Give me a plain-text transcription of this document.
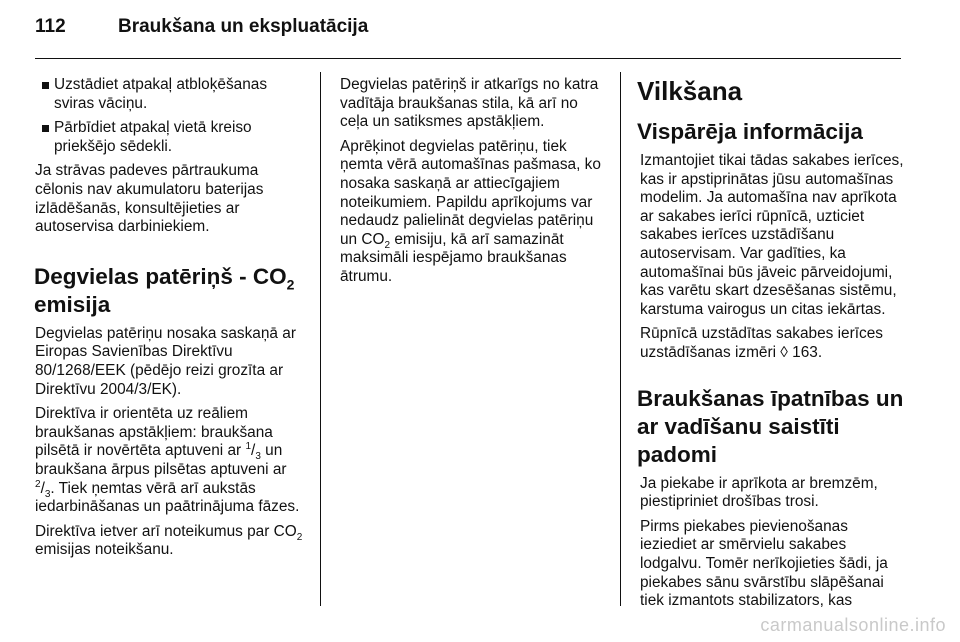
112	Braukšana un ekspluatācija
Uzstādiet atpakaļ atbloķēšanas sviras vāciņu.
Pārbīdiet atpakaļ vietā kreiso priekšējo sēdekli.

Ja strāvas padeves pārtraukuma cēlonis nav akumulatoru baterijas izlādēšanās, konsultējieties ar autoservisa darbiniekiem.

Degvielas patēriņš - $CO_2$
emisija

Degvielas patēriņu nosaka saskaņā ar Eiropas Savienības Direktīvu 80/1268/EEK (pēdējo reizi grozīta ar Direktīvu 2004/3/EK).

Direktīva ir orientēta uz reāliem braukšanas apstākļiem: braukšana pilsētā ir novērtēta aptuveni ar $^1/_3$ un braukšana ārpus pilsētas aptuveni ar $^2/_3$. Tiek ņemtas vērā arī aukstās iedarbināšanas un paātrinājuma fāzes.

Direktīva ietver arī noteikumus par $CO_2$ emisijas noteikšanu.

Degvielas patēriņš ir atkarīgs no katra vadītāja braukšanas stila, kā arī no ceļa un satiksmes apstākļiem.

Aprēķinot degvielas patēriņu, tiek ņemta vērā automašīnas pašmasa, ko nosaka saskaņā ar attiecīgajiem noteikumiem. Papildu aprīkojums var nedaudz palielināt degvielas patēriņu un $CO_2$ emisiju, kā arī samazināt maksimāli iespējamo braukšanas ātrumu.

Vilkšana
Vispārēja informācija

Izmantojiet tikai tādas sakabes ierīces, kas ir apstiprinātas jūsu automašīnas modelim. Ja automašīna nav aprīkota ar sakabes ierīci rūpnīcā, uzticiet sakabes ierīces uzstādīšanu autoservisam. Var gadīties, ka automašīnai būs jāveic pārveidojumi, kas varētu skart dzesēšanas sistēmu, karstuma vairogus un citas iekārtas.

Rūpnīcā uzstādītas sakabes ierīces uzstādīšanas izmēri ◊ 163.

Braukšanas īpatnības un ar vadīšanu saistīti padomi

Ja piekabe ir aprīkota ar bremzēm, piestipriniet drošības trosi.

Pirms piekabes pievienošanas ieziediet ar smērvielu sakabes lodgalvu. Tomēr nerīkojieties šādi, ja piekabes sānu svārstību slāpēšanai tiek izmantots stabilizators, kas

carmanualsonline.info
